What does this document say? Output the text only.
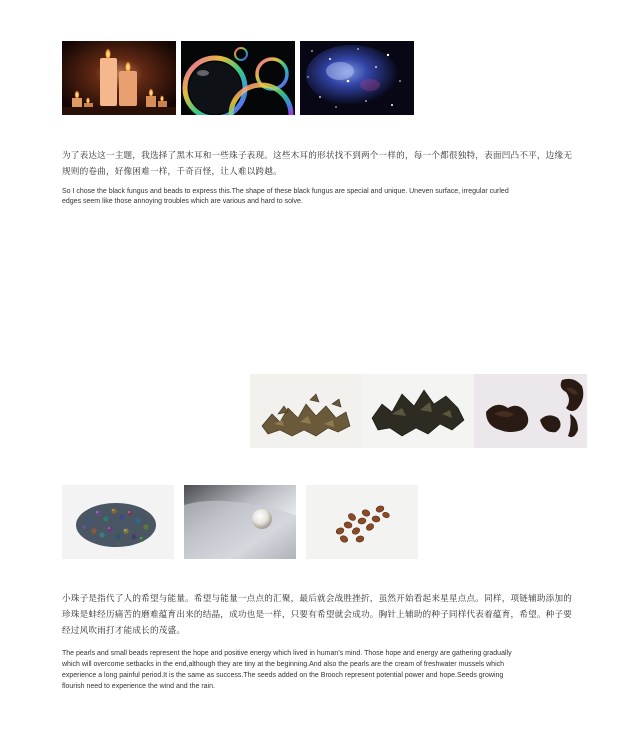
为了表达这一主题，我选择了黑木耳和一些珠子表现。这些木耳的形状找不到两个一样的，每一个都很独特，表面凹凸不平，边缘无

规则的卷曲，好像困难一样，千奇百怪，让人难以跨越。

So I chose the black fungus and beads to express this.The shape of these black fungus are special and unique. Uneven surface, irregular curled

edges seem like those annoying troubles which are various and hard to solve.

小珠子是指代了人的希望与能量。希望与能量一点点的汇聚，最后就会战胜挫折，虽然开始看起来星星点点。同样，项链辅助添加的

珍珠是蚌经历痛苦的磨难蕴育出来的结晶，成功也是一样，只要有希望就会成功。胸针上辅助的种子同样代表着蕴育，希望。种子要

经过风吹雨打才能成长的茂盛。

The pearls and small beads represent the hope and positive energy which lived in human’s mind. Those hope and energy are gathering gradually

which will overcome setbacks in the end,although they are tiny at the beginning.And also the pearls are the cream of freshwater mussels which

experience a long painful period.It is the same as success.The seeds added on the Brooch represent potential power and hope.Seeds growing

flourish need to experience the wind and the rain.
